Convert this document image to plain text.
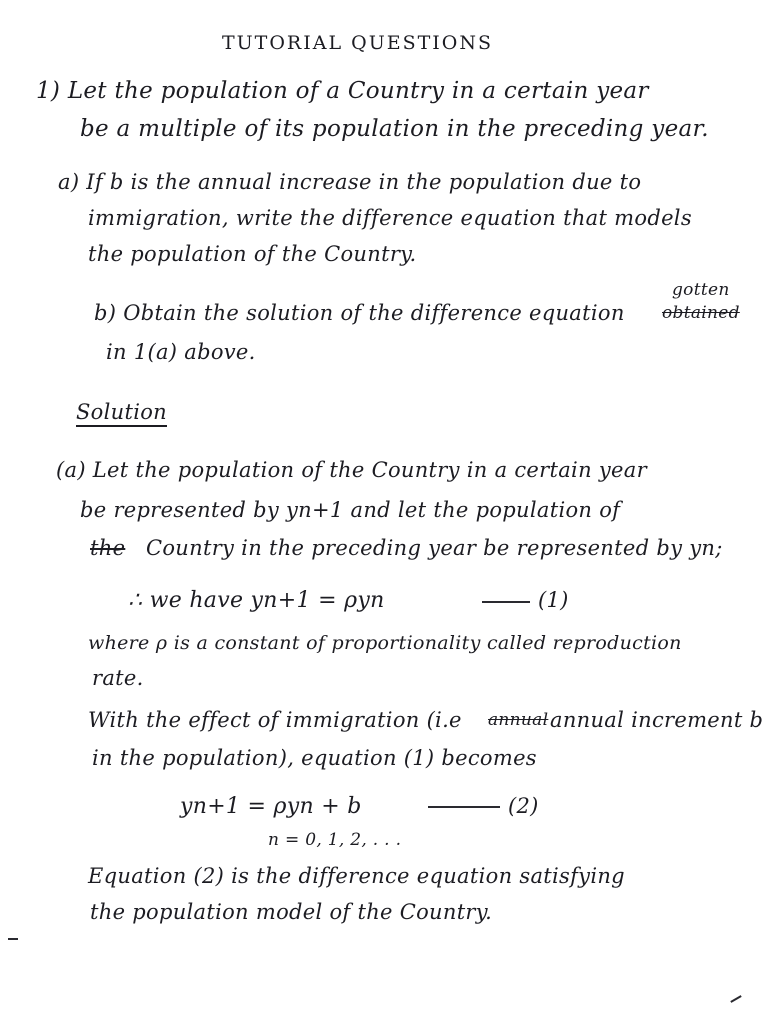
TUTORIAL QUESTIONS
1) Let the population of a Country in a certain year
be a multiple of its population in the preceding year.
a) If b is the annual increase in the population due to
immigration, write the difference equation that models
the population of the Country.
gotten
b) Obtain the solution of the difference equation obtained
in 1(a) above.
Solution
(a) Let the population of the Country in a certain year
be represented by yn+1 and let the population of
the Country in the preceding year be represented by yn;
∴ we have yn+1 = ρyn	(1)
where ρ is a constant of proportionality called reproduction
rate.
With the effect of immigration (i.e annual annual increment b
in the population), equation (1) becomes
yn+1 = ρyn + b	(2)
n = 0, 1, 2, . . .
Equation (2) is the difference equation satisfying
the population model of the Country.
